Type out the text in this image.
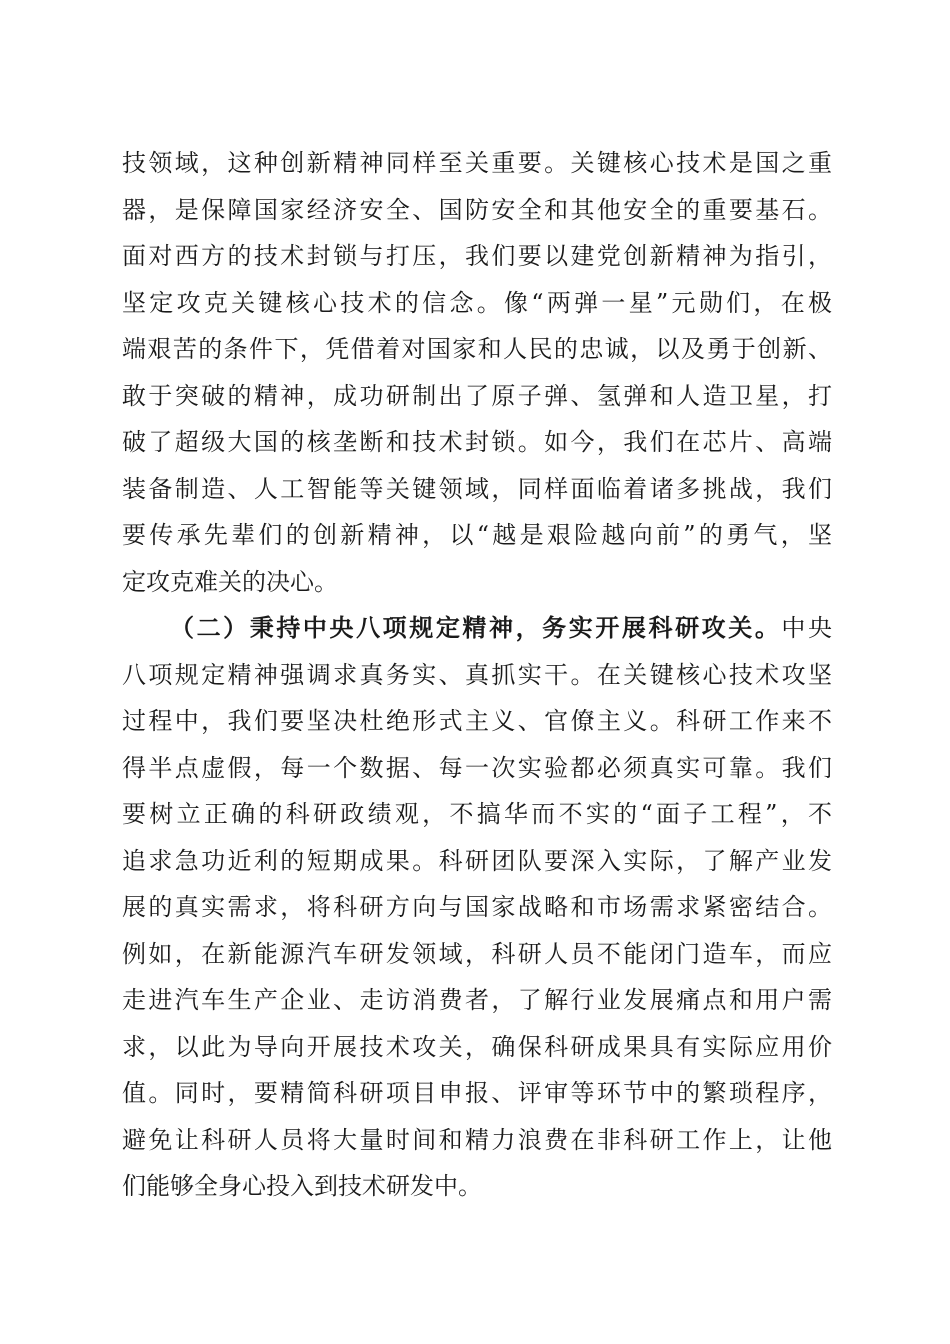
技领域，这种创新精神同样至关重要。关键核心技术是国之重
器，是保障国家经济安全、国防安全和其他安全的重要基石。
面对西方的技术封锁与打压，我们要以建党创新精神为指引，
坚定攻克关键核心技术的信念。像“两弹一星”元勋们，在极
端艰苦的条件下，凭借着对国家和人民的忠诚，以及勇于创新、
敢于突破的精神，成功研制出了原子弹、氢弹和人造卫星，打
破了超级大国的核垄断和技术封锁。如今，我们在芯片、高端
装备制造、人工智能等关键领域，同样面临着诸多挑战，我们
要传承先辈们的创新精神，以“越是艰险越向前”的勇气，坚
定攻克难关的决心。
（二）秉持中央八项规定精神，务实开展科研攻关。中央
八项规定精神强调求真务实、真抓实干。在关键核心技术攻坚
过程中，我们要坚决杜绝形式主义、官僚主义。科研工作来不
得半点虚假，每一个数据、每一次实验都必须真实可靠。我们
要树立正确的科研政绩观，不搞华而不实的“面子工程”，不
追求急功近利的短期成果。科研团队要深入实际，了解产业发
展的真实需求，将科研方向与国家战略和市场需求紧密结合。
例如，在新能源汽车研发领域，科研人员不能闭门造车，而应
走进汽车生产企业、走访消费者，了解行业发展痛点和用户需
求，以此为导向开展技术攻关，确保科研成果具有实际应用价
值。同时，要精简科研项目申报、评审等环节中的繁琐程序，
避免让科研人员将大量时间和精力浪费在非科研工作上，让他
们能够全身心投入到技术研发中。
